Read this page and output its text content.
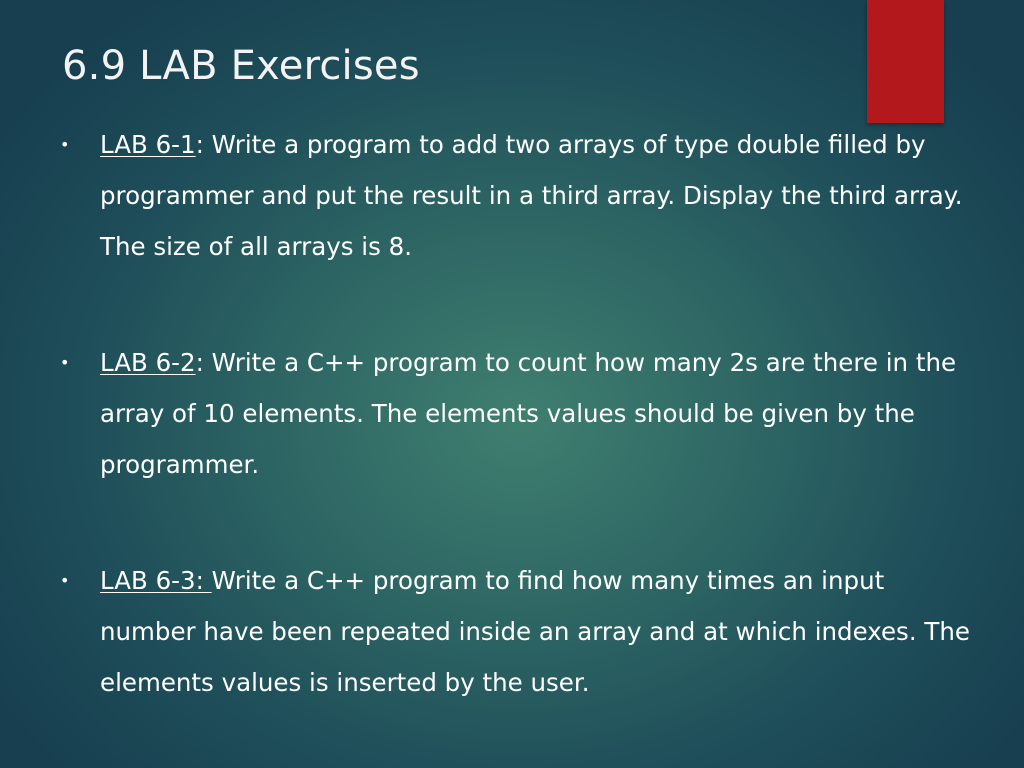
6.9 LAB Exercises
• LAB 6-1: Write a program to add two arrays of type double filled by programmer and put the result in a third array. Display the third array. The size of all arrays is 8.
• LAB 6-2: Write a C++ program to count how many 2s are there in the array of 10 elements. The elements values should be given by the programmer.
• LAB 6-3: Write a C++ program to find how many times an input number have been repeated inside an array and at which indexes. The elements values is inserted by the user.
